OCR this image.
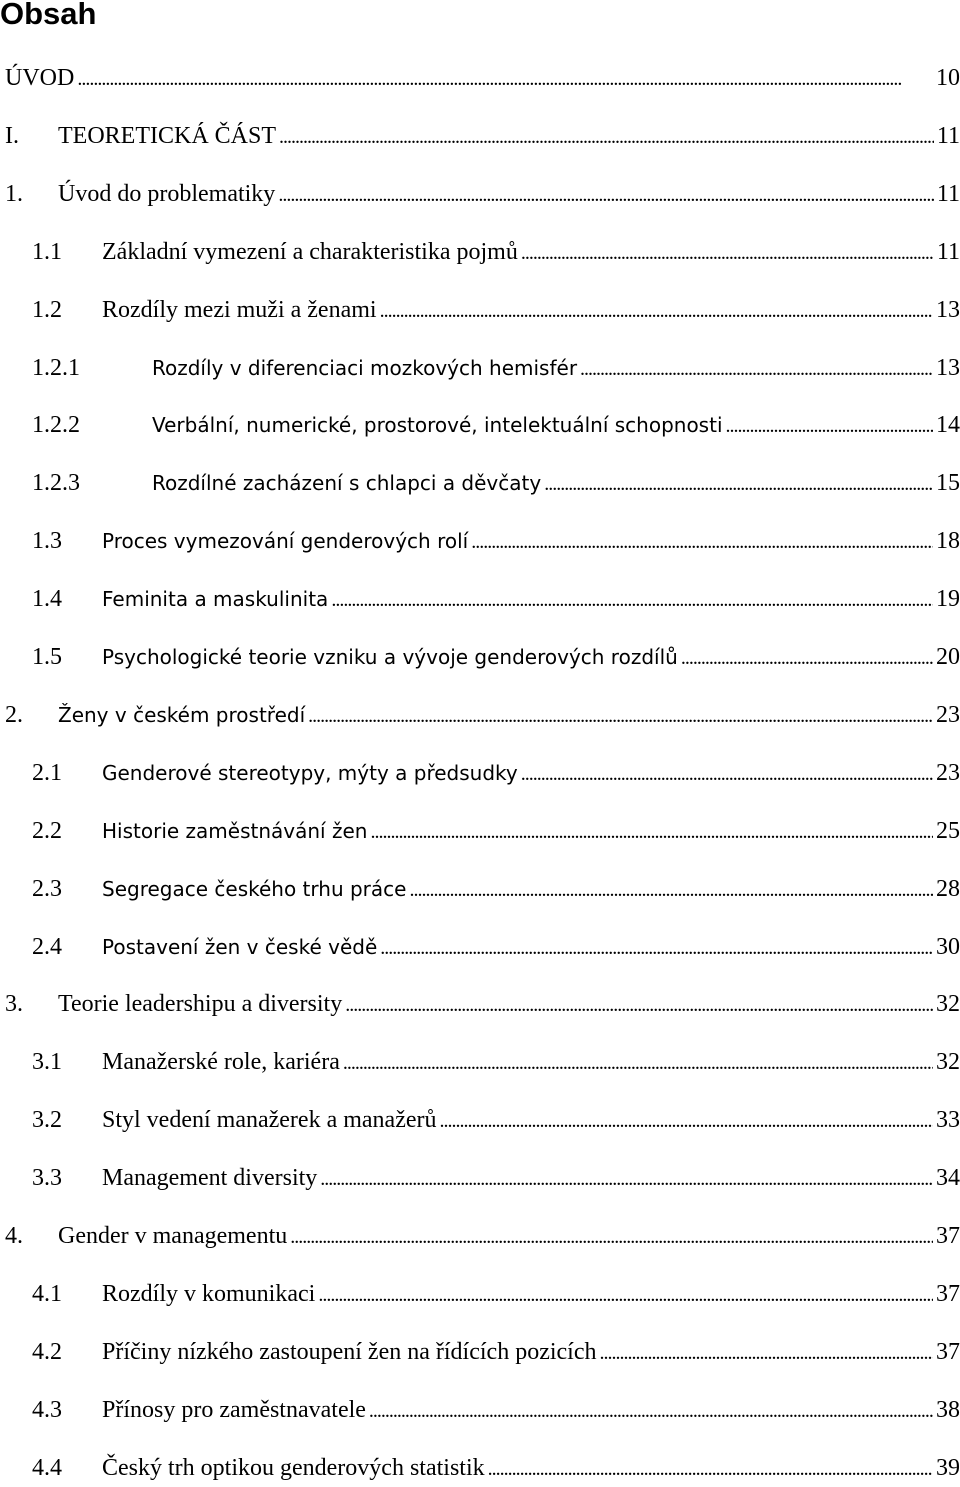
Obsah
ÚVOD . . .	10
I.	TEORETICKÁ ČÁST . . .	11
1.	Úvod do problematiky . . .	11
1.1	Základní vymezení a charakteristika pojmů . . .	11
1.2	Rozdíly mezi muži a ženami . . .	13
1.2.1	Rozdíly v diferenciaci mozkových hemisfér . . .	13
1.2.2	Verbální, numerické, prostorové, intelektuální schopnosti . . .	14
1.2.3	Rozdílné zacházení s chlapci a děvčaty . . .	15
1.3	Proces vymezování genderových rolí . . .	18
1.4	Feminita a maskulinita . . .	19
1.5	Psychologické teorie vzniku a vývoje genderových rozdílů . . .	20
2.	Ženy v českém prostředí . . .	23
2.1	Genderové stereotypy, mýty a předsudky . . .	23
2.2	Historie zaměstnávání žen . . .	25
2.3	Segregace českého trhu práce . . .	28
2.4	Postavení žen v české vědě . . .	30
3.	Teorie leadershipu a diversity . . .	32
3.1	Manažerské role, kariéra . . .	32
3.2	Styl vedení manažerek a manažerů . . .	33
3.3	Management diversity . . .	34
4.	Gender v managementu . . .	37
4.1	Rozdíly v komunikaci . . .	37
4.2	Příčiny nízkého zastoupení žen na řídících pozicích . . .	37
4.3	Přínosy pro zaměstnavatele . . .	38
4.4	Český trh optikou genderových statistik . . .	39
